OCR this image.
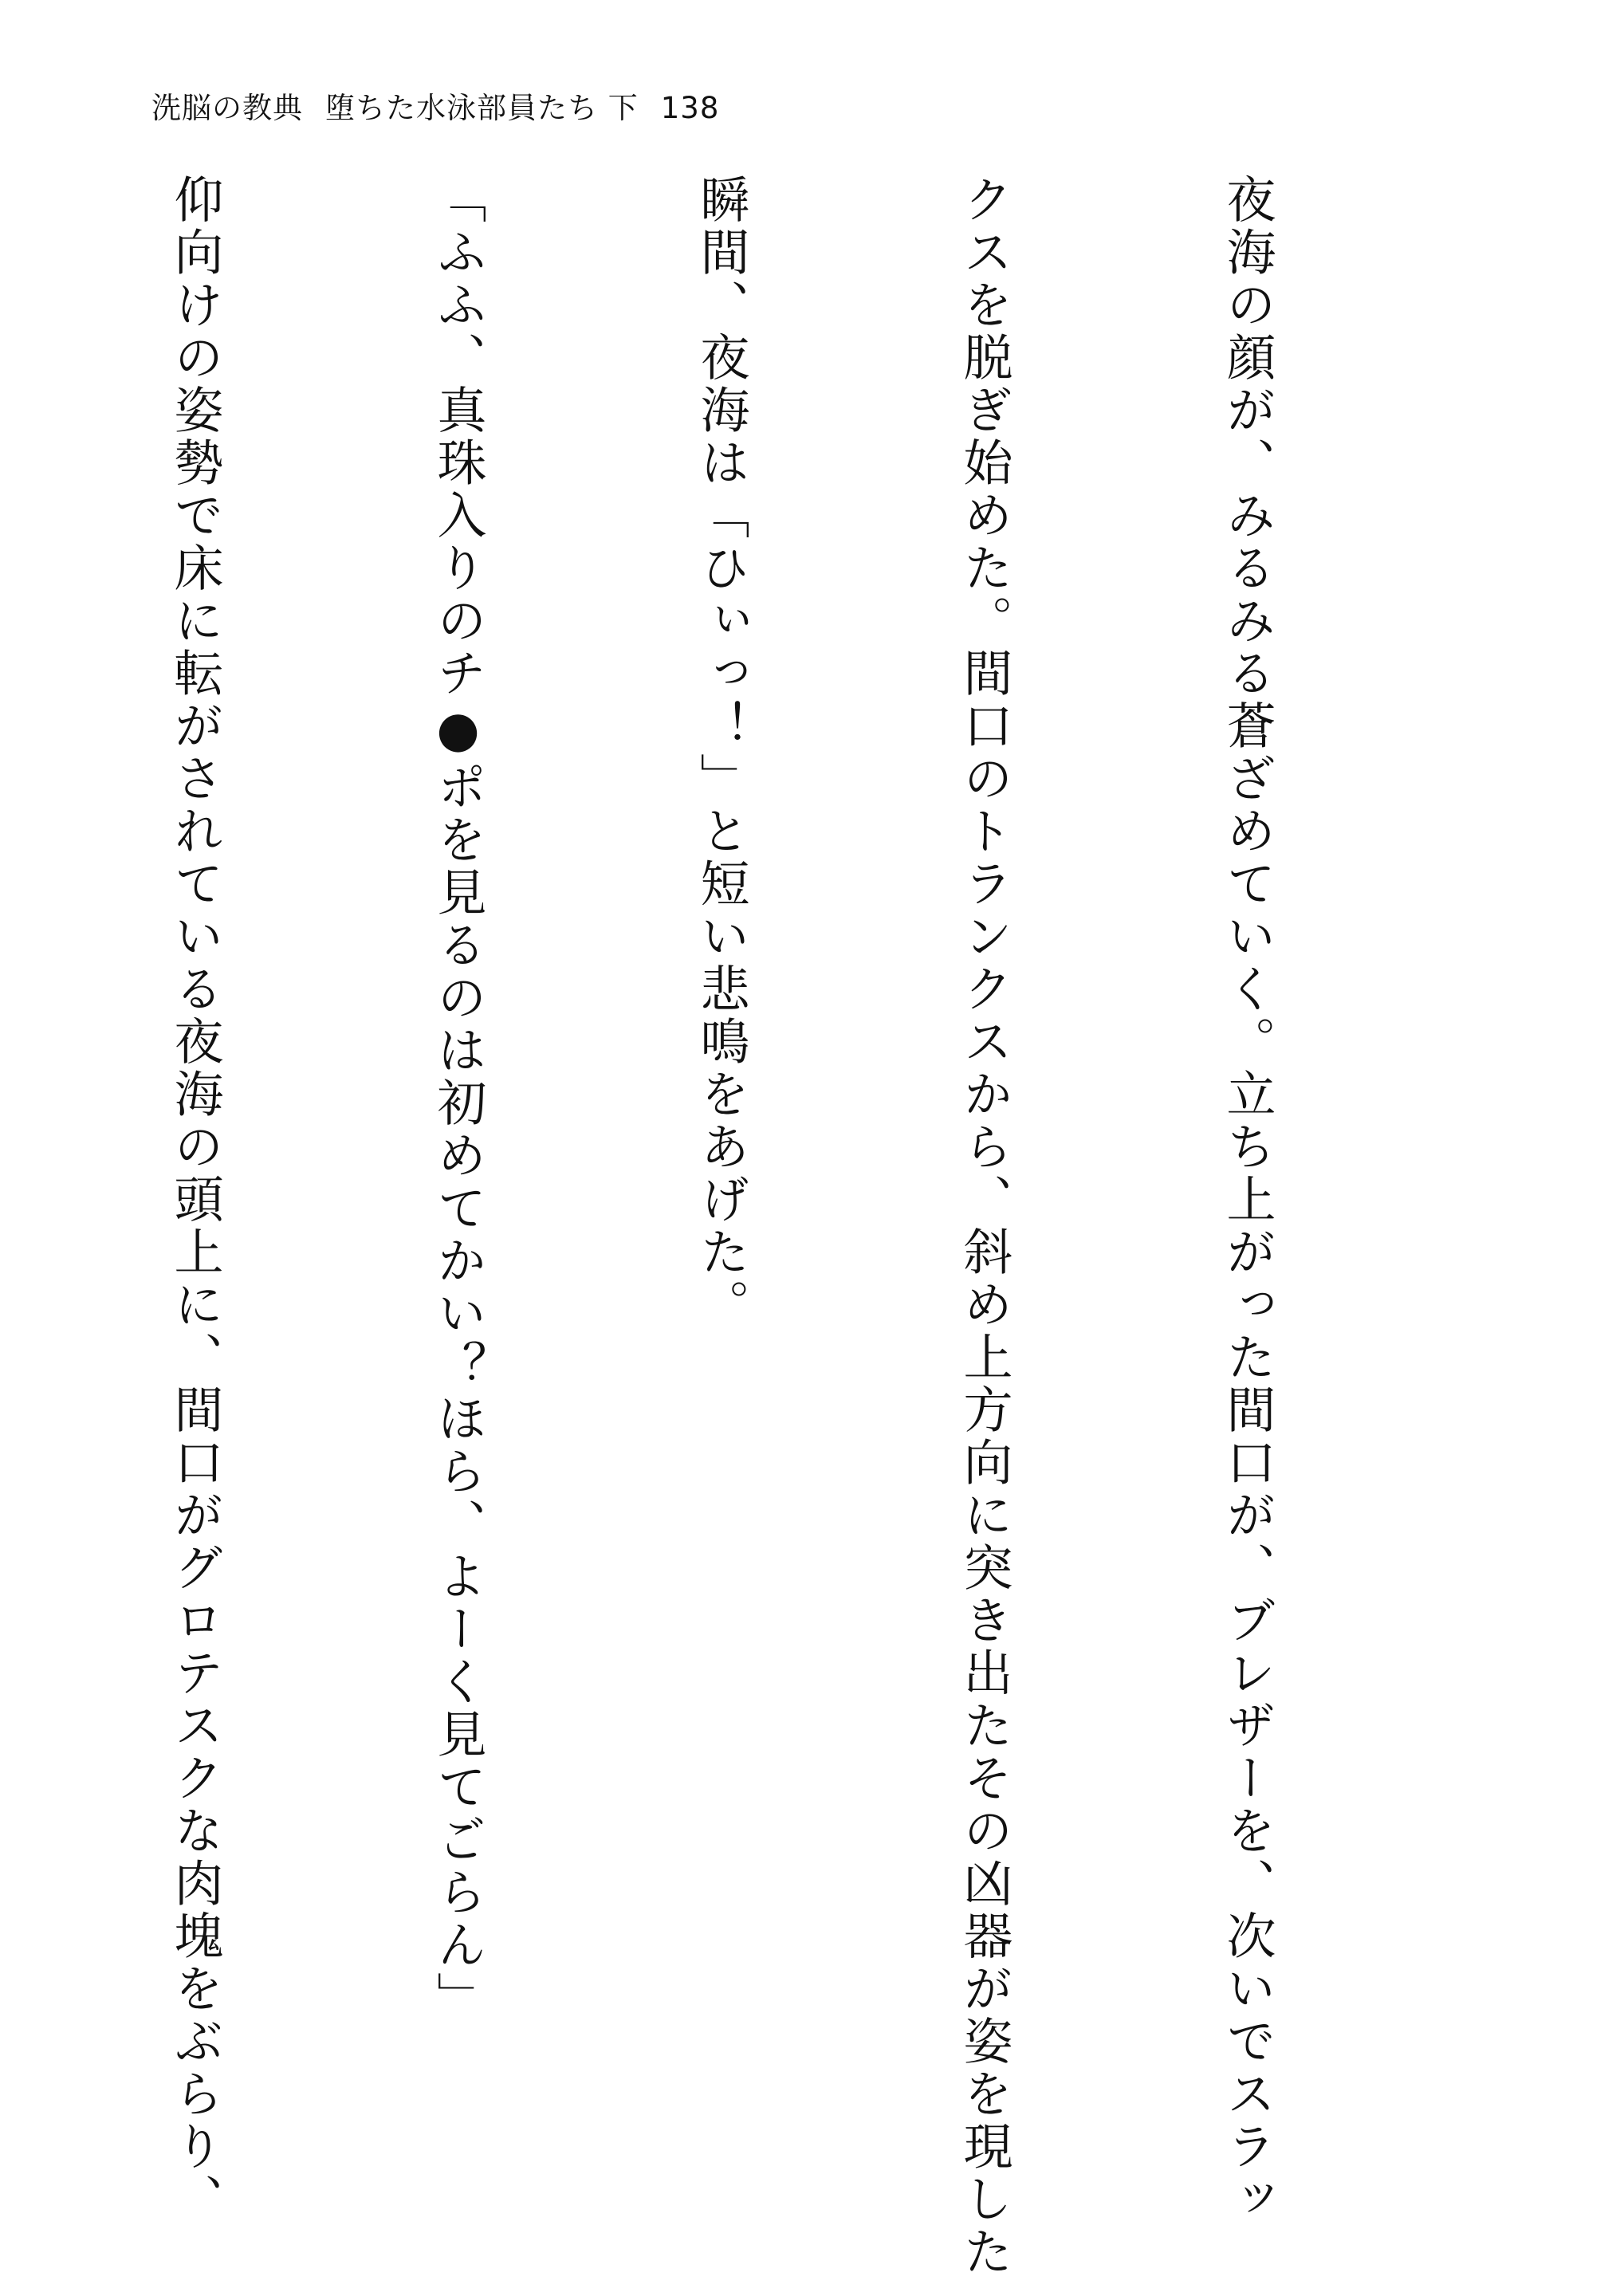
洗脳の教典 堕ちた水泳部員たち 下 138

夜海の顔が、みるみる蒼ざめていく。立ち上がった間口が、ブレザーを、次いでスラッ

クスを脱ぎ始めた。間口のトランクスから、斜め上方向に突き出たその凶器が姿を現した

瞬間、夜海は「ひぃっ！」と短い悲鳴をあげた。

「ふふ、真珠入りのチ●ポを見るのは初めてかい？ほら、よーく見てごらん」

仰向けの姿勢で床に転がされている夜海の頭上に、間口がグロテスクな肉塊をぶらり、
